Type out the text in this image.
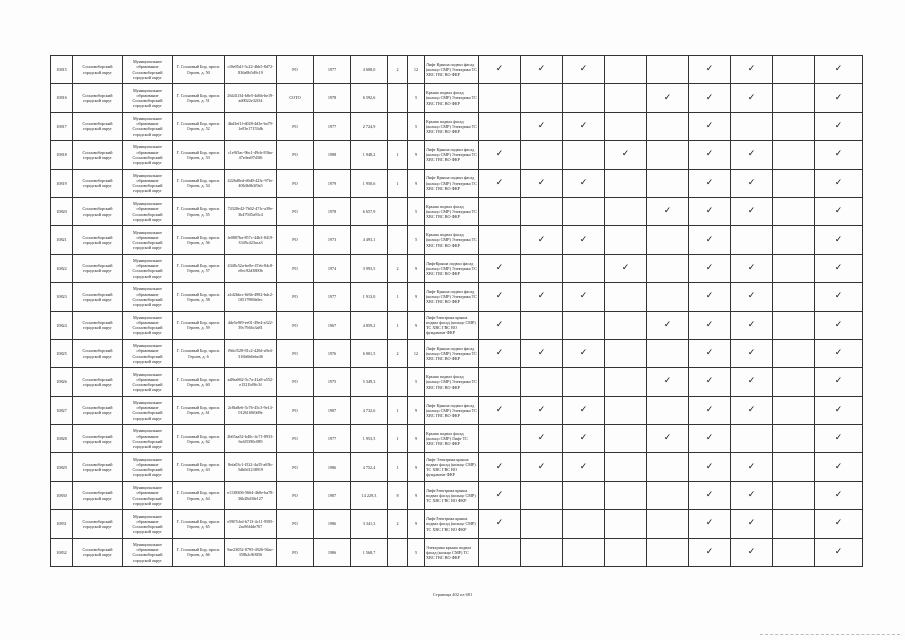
10815	Сосновоборский городской округ	Муниципальное образование Сосновоборский городской округ	Г. Сосновый Бор, просп. Героев, д. 50	cf0e05d1-5c22-4bb5-8d72-836a9b5d9c19	РО	1977	4 608,0	2	12	Лифт Крыша подвал фасад (кольцо СМР) Электрика ТС ХВС ГВС ВО ФКР	✓	✓	✓			✓	✓		✓
10816	Сосновоборский городской округ	Муниципальное образование Сосновоборский городской округ	Г. Сосновый Бор, просп. Героев, д. 51	26441f34-b8e5-4d6b-be19-ad0022e32f34	СОТО	1978	6 592,6		5	Крыша подвал фасад (кольцо СМР) Электрика ТС ХВС ГВС ВО ФКР					✓	✓	✓		✓
10817	Сосновоборский городской округ	Муниципальное образование Сосновоборский городской округ	Г. Сосновый Бор, просп. Героев, д. 52	4bd3ef1f-d028-4d3e-ba79-1e03e17153db	РО	1977	2 724,9		5	Крыша подвал фасад (кольцо СМР) Электрика ТС ХВС ГВС ВО ФКР		✓	✓			✓			✓
10818	Сосновоборский городской округ	Муниципальное образование Сосновоборский городской округ	Г. Сосновый Бор, просп. Героев, д. 53	c1e9f3ac-9bc1-49cb-83ba-47e4ea97d3f6	РО	1988	1 948,2	1	9	Лифт Крыша подвал фасад (кольцо СМР) Электрика ТС ХВС ГВС ВО ФКР	✓			✓		✓	✓		✓
10819	Сосновоборский городской округ	Муниципальное образование Сосновоборский городской округ	Г. Сосновый Бор, просп. Героев, д. 54	4226d0ed-d6d0-423c-97fe-4064b0b3f9a5	РО	1979	1 950,6	1	9	Лифт Крыша подвал фасад (кольцо СМР) Электрика ТС ХВС ГВС ВО ФКР	✓	✓	✓			✓	✓		✓
10820	Сосновоборский городской округ	Муниципальное образование Сосновоборский городской округ	Г. Сосновый Бор, просп. Героев, д. 55	74328e42-7b02-47fc-a39e-3b47945a93c4	РО	1978	6 657,9		5	Крыша подвал фасад (кольцо СМР) Электрика ТС ХВС ГВС ВО ФКР					✓	✓	✓		✓
10821	Сосновоборский городской округ	Муниципальное образование Сосновоборский городской округ	Г. Сосновый Бор, просп. Героев, д. 56	fe0807ba-857c-44b3-8419-3349c423aca3	РО	1973	4 493,1		5	Крыша подвал фасад (кольцо СМР) Электрика ТС ХВС ГВС ВО ФКР		✓	✓			✓			✓
10822	Сосновоборский городской округ	Муниципальное образование Сосновоборский городской округ	Г. Сосновый Бор, просп. Героев, д. 57	4348c52a-be0e-47eb-84c8-e0ec92d3800b	РО	1974	3 993,5	2	9	ЛифтКрыша подвал фасад (кольцо СМР) Электрика ТС ХВС ГВС ВО ФКР	✓			✓		✓	✓		✓
10823	Сосновоборский городской округ	Муниципальное образование Сосновоборский городской округ	Г. Сосновый Бор, просп. Героев, д. 58	a1d2bbcc-6f6b-4982-bdc2-0f517986b0ec	РО	1977	1 913,0	1	9	Лифт Крыша подвал фасад (кольцо СМР) Электрика ТС ХВС ГВС ВО ФКР	✓	✓	✓			✓	✓		✓
10824	Сосновоборский городской округ	Муниципальное образование Сосновоборский городской округ	Г. Сосновый Бор, просп. Героев, д. 59	4de5e9f9-ee01-49e4-a322-39c7946c3a81	РО	1967	4 859,2	1	9	ЛифтЭлектрика крыша подвал фасад (кольцо СМР) ТС ХВС ГВС ВО фундамент ФКР	✓				✓	✓	✓		✓
10825	Сосновоборский городской округ	Муниципальное образование Сосновоборский городской округ	Г. Сосновый Бор, просп. Героев, д. 6	f9dcf528-81c2-420d-a9e4-316b6b6ebe46	РО	1976	6 001,5	2	12	Лифт Крыша подвал фасад (кольцо СМР) Электрика ТС ХВС ГВС ВО ФКР	✓	✓	✓			✓	✓		✓
10826	Сосновоборский городской округ	Муниципальное образование Сосновоборский городской округ	Г. Сосновый Бор, просп. Героев, д. 60	a48ea862-5c7a-41a8-a552-e1521bf9fc3f	РО	1975	5 349,3		5	Крыша подвал фасад (кольцо СМР) Электрика ТС ХВС ГВС ВО ФКР					✓	✓	✓		✓
10827	Сосновоборский городской округ	Муниципальное образование Сосновоборский городской округ	Г. Сосновый Бор, просп. Героев, д. 61	2c8fa8e6-5c76-45c3-9e14-0126160f0d9e	РО	1987	4 732,6	1	9	Лифт Крыша подвал фасад (кольцо СМР) Электрика ТС ХВС ГВС ВО ФКР	✓	✓	✓			✓	✓		✓
10828	Сосновоборский городской округ	Муниципальное образование Сосновоборский городской округ	Г. Сосновый Бор, просп. Героев, д. 62	2b65aa52-b40c-4c71-8933-6e4f5390c089	РО	1977	1 953,5	1	9	Крыша подвал фасад (кольцо СМР) Лифт ТС ХВС ГВС ВО ФКР		✓	✓		✓	✓			✓
10829	Сосновоборский городской округ	Муниципальное образование Сосновоборский городской округ	Г. Сосновый Бор, просп. Героев, д. 63	8efa03c1-f522-4a35-a65b-5db0d1238919	РО	1986	4 752,4	1	9	Лифт Электрика крыша подвал фасад (кольцо СМР) ТС ХВС ГВС ВО фундамент ФКР	✓	✓	✓			✓	✓		✓
10830	Сосновоборский городской округ	Муниципальное образование Сосновоборский городской округ	Г. Сосновый Бор, просп. Героев, д. 64	e1138306-5664-4b0e-ba78-36b28d30e127	РО	1987	14 229,3	8	9	ЛифтЭлектрика крыша подвал фасад (кольцо СМР) ТС ХВС ГВС ВО ФКР	✓					✓	✓		✓
10831	Сосновоборский городской округ	Муниципальное образование Сосновоборский городской округ	Г. Сосновый Бор, просп. Героев, д. 65	e5907cbd-b713-4c11-9585-2ac86f4de767	РО	1986	3 341,3	2	9	ЛифтЭлектрика крыша подвал фасад (кольцо СМР) ТС ХВС ГВС ВО ФКР	✓					✓	✓		✓
10832	Сосновоборский городской округ	Муниципальное образование Сосновоборский городской округ	Г. Сосновый Бор, просп. Героев, д. 66	9ae23052-0795-4926-94ac-358b2c8f8f56	РО	1986	1 568,7		5	Электрика крыша подвал фасад (кольцо СМР) ТС ХВС ГВС ВО ФКР						✓	✓		✓
Страница 402 из 681
